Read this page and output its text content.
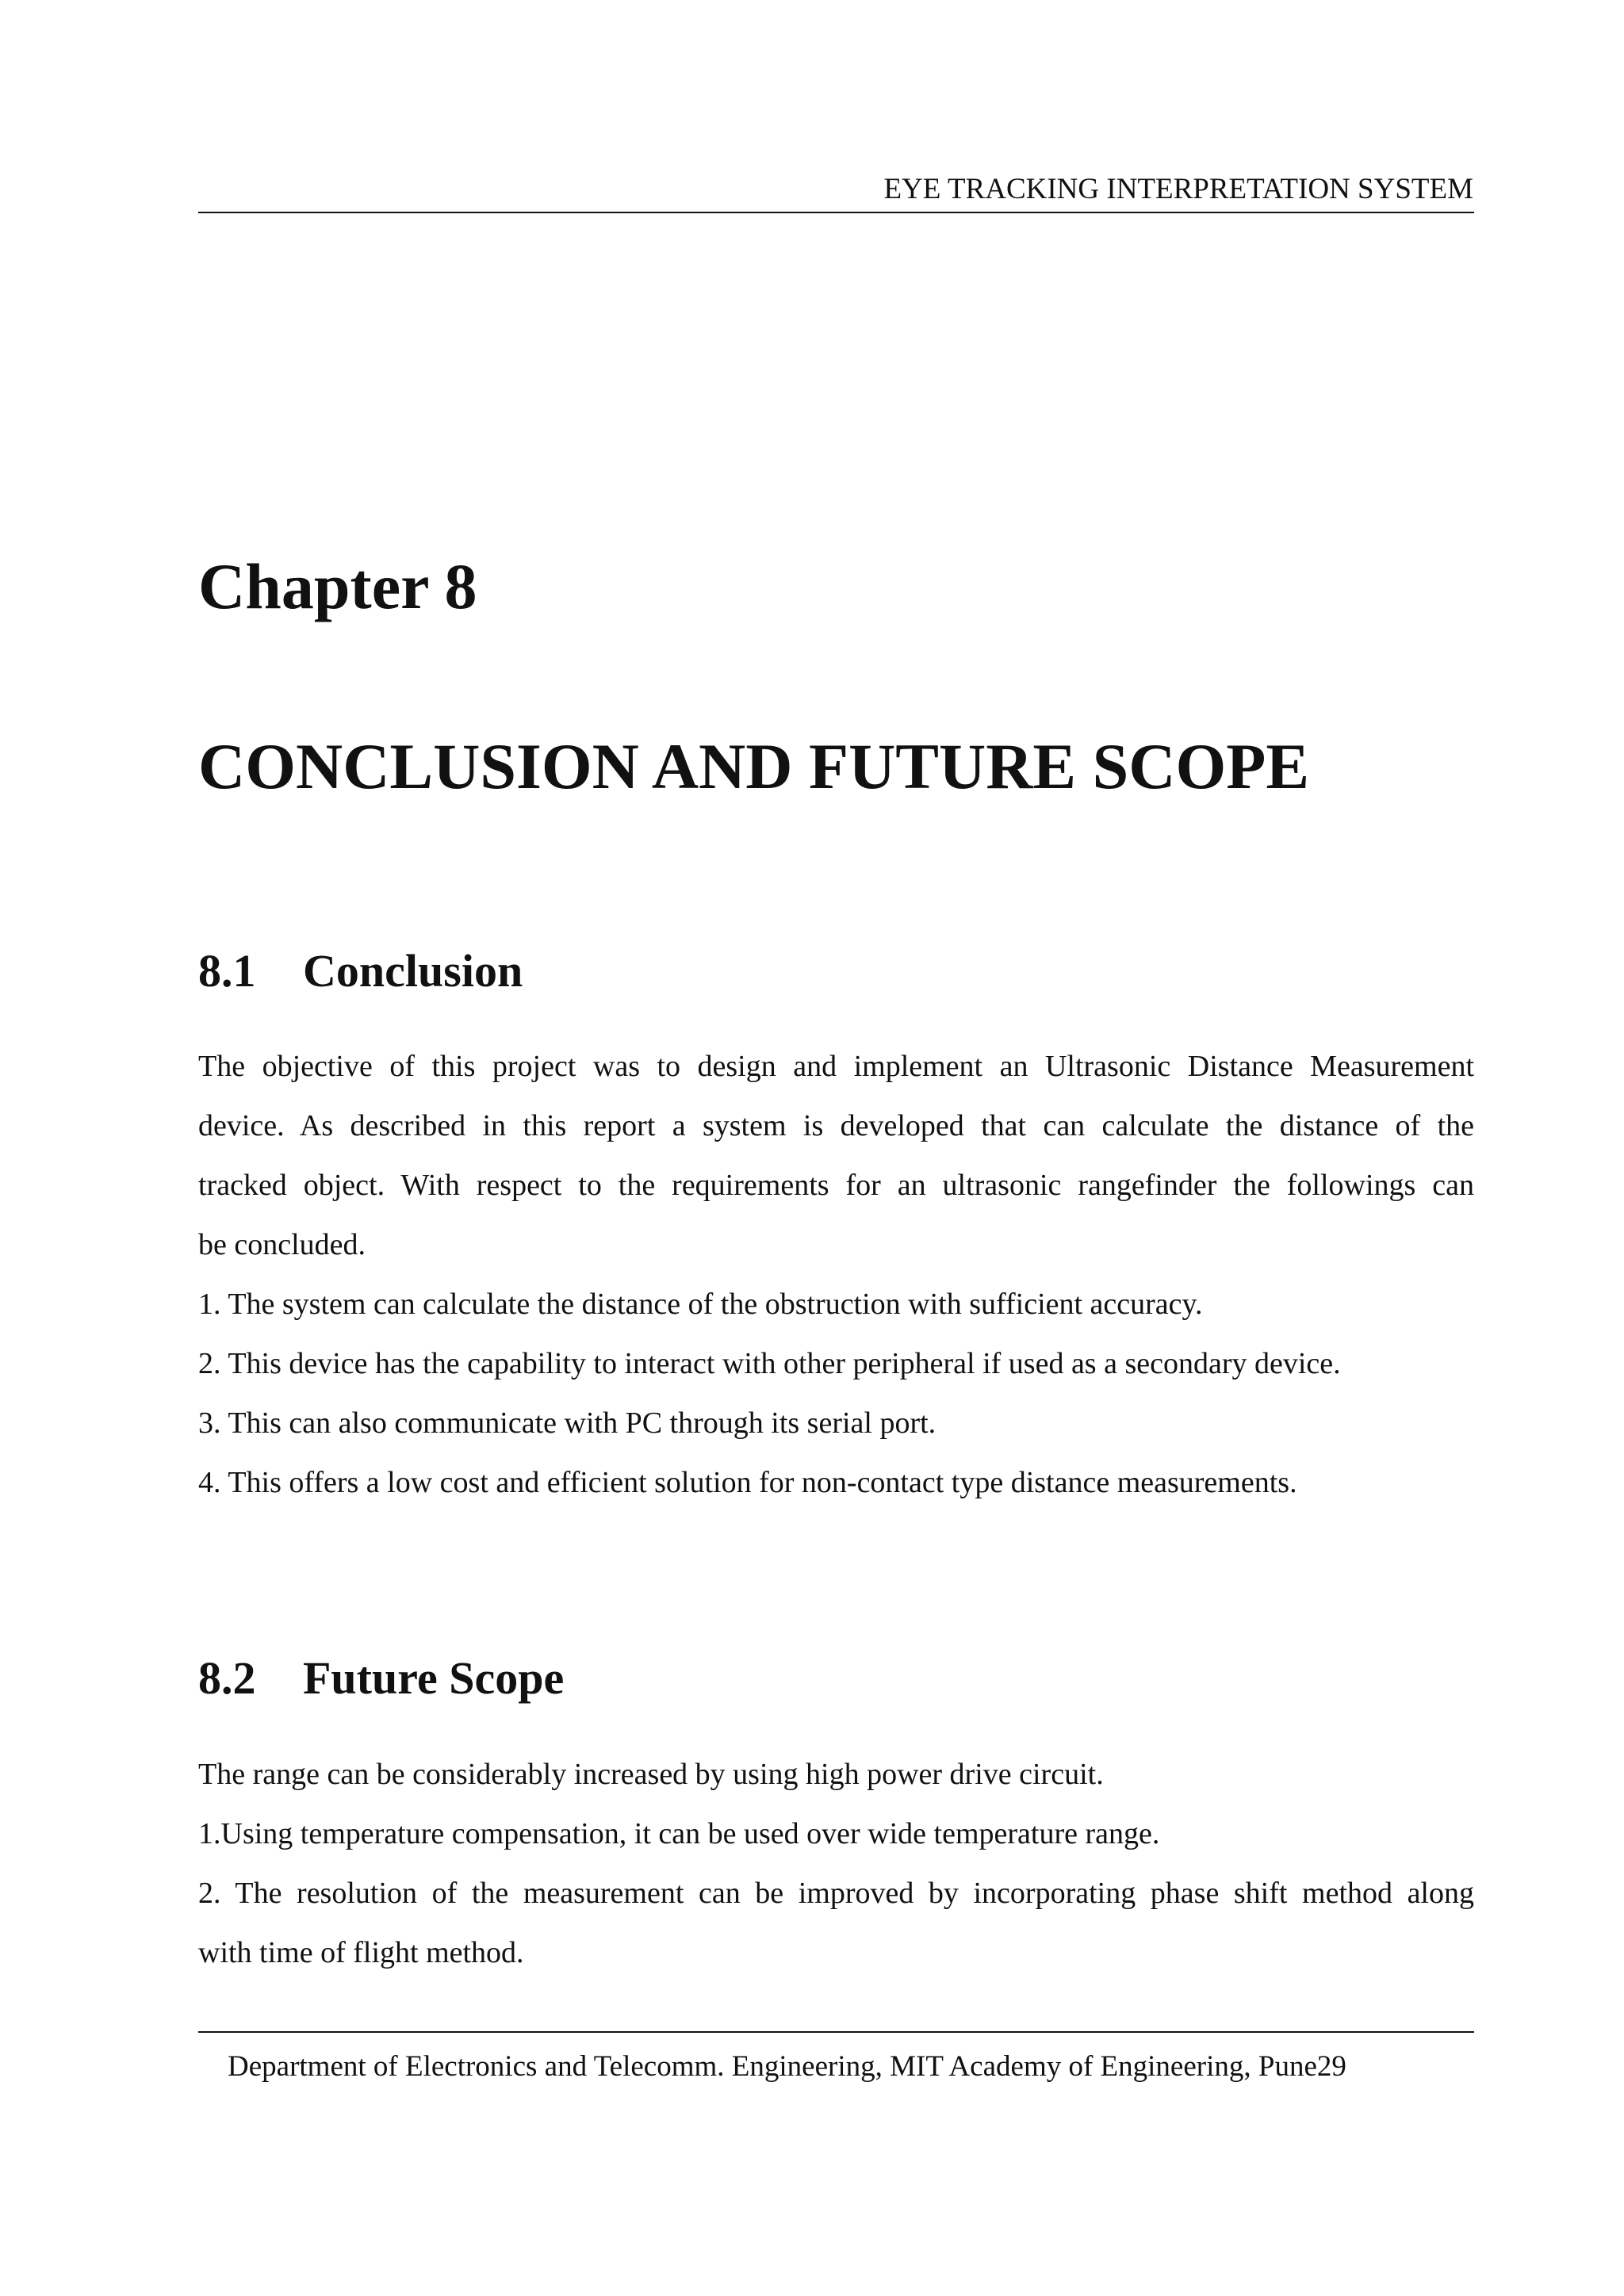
EYE TRACKING INTERPRETATION SYSTEM
Chapter 8
CONCLUSION AND FUTURE SCOPE
8.1 Conclusion
The objective of this project was to design and implement an Ultrasonic Distance Measurement
device. As described in this report a system is developed that can calculate the distance of the
tracked object. With respect to the requirements for an ultrasonic rangefinder the followings can
be concluded.
1. The system can calculate the distance of the obstruction with sufficient accuracy.
2. This device has the capability to interact with other peripheral if used as a secondary device.
3. This can also communicate with PC through its serial port.
4. This offers a low cost and efficient solution for non-contact type distance measurements.
8.2 Future Scope
The range can be considerably increased by using high power drive circuit.
1.Using temperature compensation, it can be used over wide temperature range.
2. The resolution of the measurement can be improved by incorporating phase shift method along
with time of flight method.
Department of Electronics and Telecomm. Engineering, MIT Academy of Engineering, Pune29
